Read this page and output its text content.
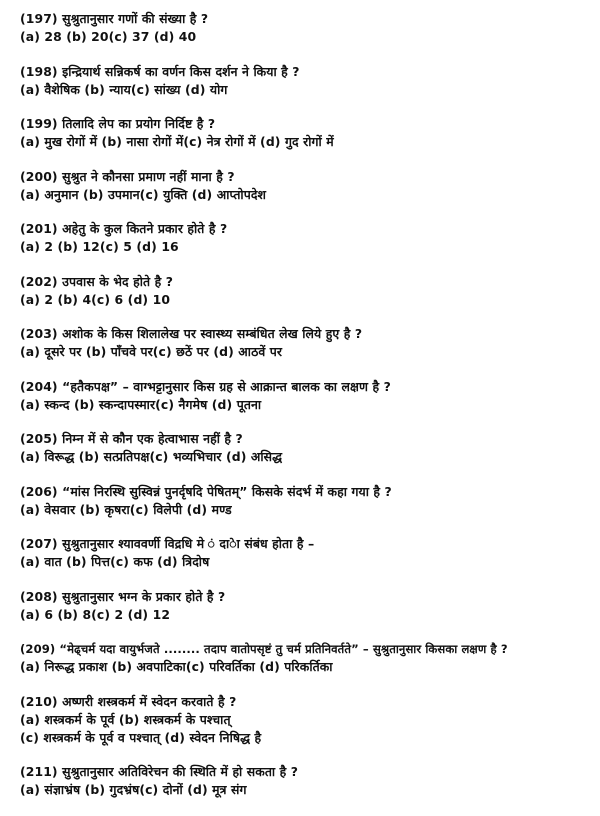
(197) सुश्रुतानुसार गणों की संख्या है ?
(a) 28 (b) 20(c) 37 (d) 40
(198) इन्द्रियार्थ सन्निकर्ष का वर्णन किस दर्शन ने किया है ?
(a) वैशेषिक (b) न्याय(c) सांख्य (d) योग
(199) तिलादि लेप का प्रयोग निर्दिष्ट है ?
(a) मुख रोगों में (b) नासा रोगों में(c) नेत्र रोगों में (d) गुद रोगों में
(200) सुश्रुत ने कौनसा प्रमाण नहीं माना है ?
(a) अनुमान (b) उपमान(c) युक्ति (d) आप्तोपदेश
(201) अहेतु के कुल कितने प्रकार होते है ?
(a) 2 (b) 12(c) 5 (d) 16
(202) उपवास के भेद होते है ?
(a) 2 (b) 4(c) 6 (d) 10
(203) अशोक के किस शिलालेख पर स्वास्थ्य सम्बंधित लेख लिये हुए है ?
(a) दूसरे पर (b) पाँचवे पर(c) छठें पर (d) आठवें पर
(204) “हतैकपक्ष” – वाग्भट्टानुसार किस ग्रह से आक्रान्त बालक का लक्षण है ?
(a) स्कन्द (b) स्कन्दापस्मार(c) नैगमेष (d) पूतना
(205) निम्न में से कौन एक हेत्वाभास नहीं है ?
(a) विरूद्ध (b) सत्प्रतिपक्ष(c) भव्यभिचार (d) असिद्ध
(206) “मांस निरस्थि सुस्विन्नं पुनर्दृषदि पेषितम्” किसके संदर्भ में कहा गया है ?
(a) वेसवार (b) कृषरा(c) विलेपी (d) मण्ड
(207) सुश्रुतानुसार श्याववर्णी विद्रधि मे ं दा◌ेा संबंध होता है –
(a) वात (b) पित्त(c) कफ (d) त्रिदोष
(208) सुश्रुतानुसार भग्न के प्रकार होते है ?
(a) 6 (b) 8(c) 2 (d) 12
(209) “मेढ्चर्म यदा वायुर्भजते ........ तदाप वातोपसृष्टं तु चर्म प्रतिनिवर्तते” – सुश्रुतानुसार किसका लक्षण है ?
(a) निरूद्ध प्रकाश (b) अवपाटिका(c) परिवर्तिका (d) परिकर्तिका
(210) अष्णरी शस्त्रकर्म में स्वेदन करवाते है ?
(a) शस्त्रकर्म के पूर्व (b) शस्त्रकर्म के पश्चात्
(c) शस्त्रकर्म के पूर्व व पश्चात् (d) स्वेदन निषिद्ध है
(211) सुश्रुतानुसार अतिविरेचन की स्थिति में हो सकता है ?
(a) संज्ञाभ्रंष (b) गुदभ्रंष(c) दोनों (d) मूत्र संग
